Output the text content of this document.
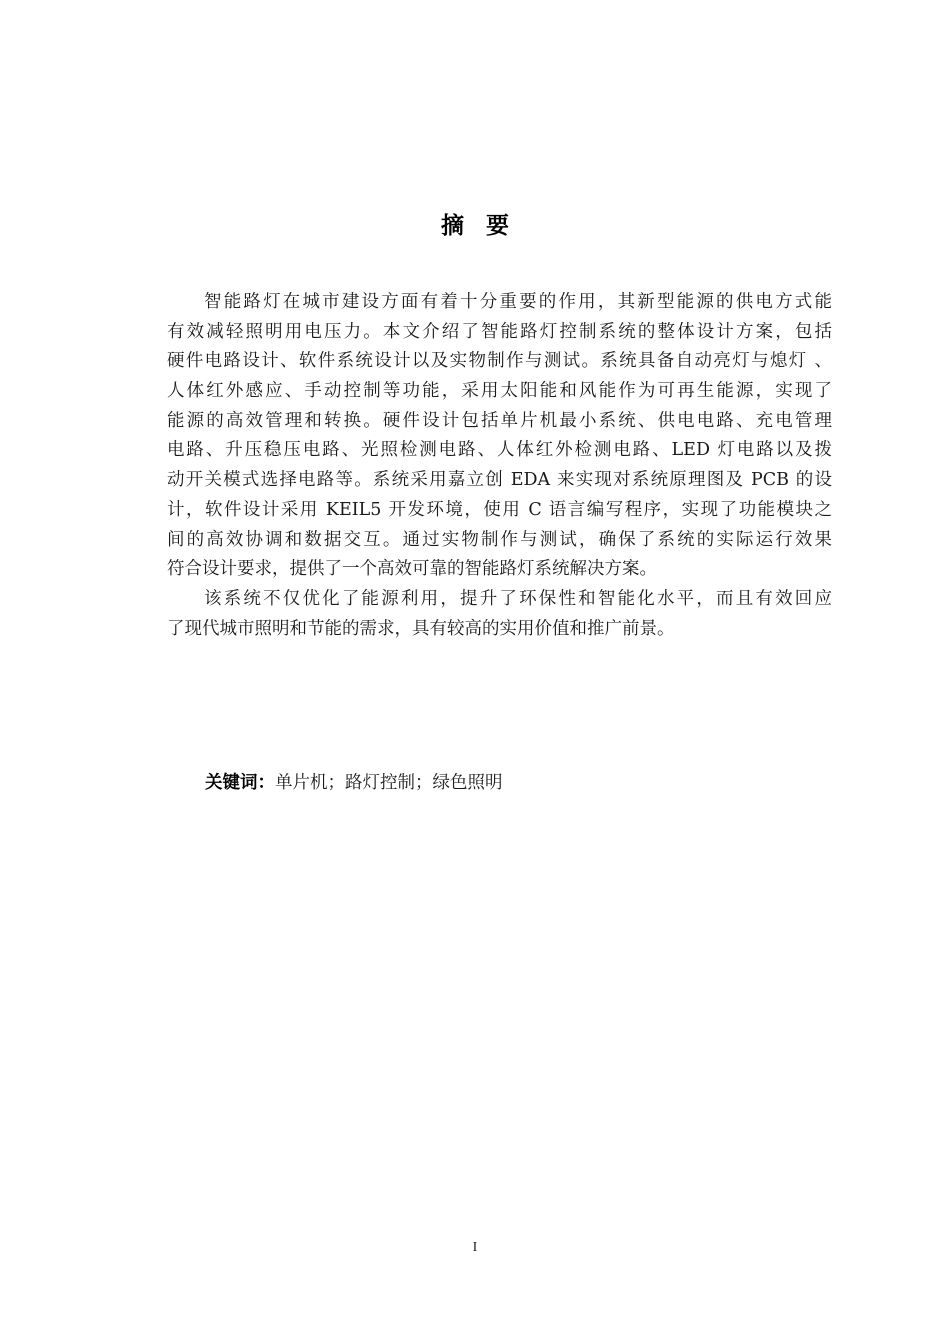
摘 要
智能路灯在城市建设方面有着十分重要的作用，其新型能源的供电方式能
有效减轻照明用电压力。本文介绍了智能路灯控制系统的整体设计方案，包括
硬件电路设计、软件系统设计以及实物制作与测试。系统具备自动亮灯与熄灯 、
人体红外感应、手动控制等功能，采用太阳能和风能作为可再生能源，实现了
能源的高效管理和转换。硬件设计包括单片机最小系统、供电电路、充电管理
电路、升压稳压电路、光照检测电路、人体红外检测电路、LED 灯电路以及拨
动开关模式选择电路等。系统采用嘉立创 EDA 来实现对系统原理图及 PCB 的设
计，软件设计采用 KEIL5 开发环境，使用 C 语言编写程序，实现了功能模块之
间的高效协调和数据交互。通过实物制作与测试，确保了系统的实际运行效果
符合设计要求，提供了一个高效可靠的智能路灯系统解决方案。
该系统不仅优化了能源利用，提升了环保性和智能化水平，而且有效回应
了现代城市照明和节能的需求，具有较高的实用价值和推广前景。
关键词：单片机；路灯控制；绿色照明
I
